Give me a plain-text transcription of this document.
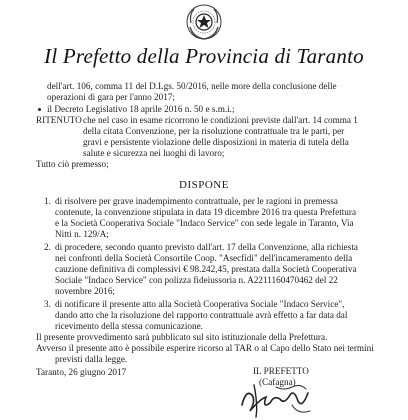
Il Prefetto della Provincia di Taranto
dell'art. 106, comma 11 del D.Lgs. 50/2016, nelle more della conclusione delle
operazioni di gara per l'anno 2017;
il Decreto Legislativo 18 aprile 2016 n. 50 e s.m.i.;
RITENUTO che nel caso in esame ricorrono le condizioni previste dall'art. 14 comma 1
della citata Convenzione, per la risoluzione contrattuale tra le parti, per
gravi e persistente violazione delle disposizioni in materia di tutela della
salute e sicurezza nei luoghi di lavoro;
Tutto ciò premesso;
DISPONE
1. di risolvere per grave inadempimento contrattuale, per le ragioni in premessa
contenute, la convenzione stipulata in data 19 dicembre 2016 tra questa Prefettura
e la Società Cooperativa Sociale "Indaco Service" con sede legale in Taranto, Via
Nitti n. 129/A;
2. di procedere, secondo quanto previsto dall'art. 17 della Convenzione, alla richiesta
nei confronti della Società Consortile Coop. "Asecfidi" dell'incameramento della
cauzione definitiva di complessivi € 98.242,45, prestata dalla Società Cooperativa
Sociale "Indaco Service" con polizza fideiussoria n. A2211160470462 del 22
novembre 2016;
3. di notificare il presente atto alla Società Cooperativa Sociale "Indaco Service",
dando atto che la risoluzione del rapporto contrattuale avrà effetto a far data dal
ricevimento della stessa comunicazione.
Il presente provvedimento sarà pubblicato sul sito istituzionale della Prefettura.
Avverso il presente atto è possibile esperire ricorso al TAR o al Capo dello Stato nei termini
previsti dalla legge.
Taranto, 26 giugno 2017	IL PREFETTO
(Cafagna)
